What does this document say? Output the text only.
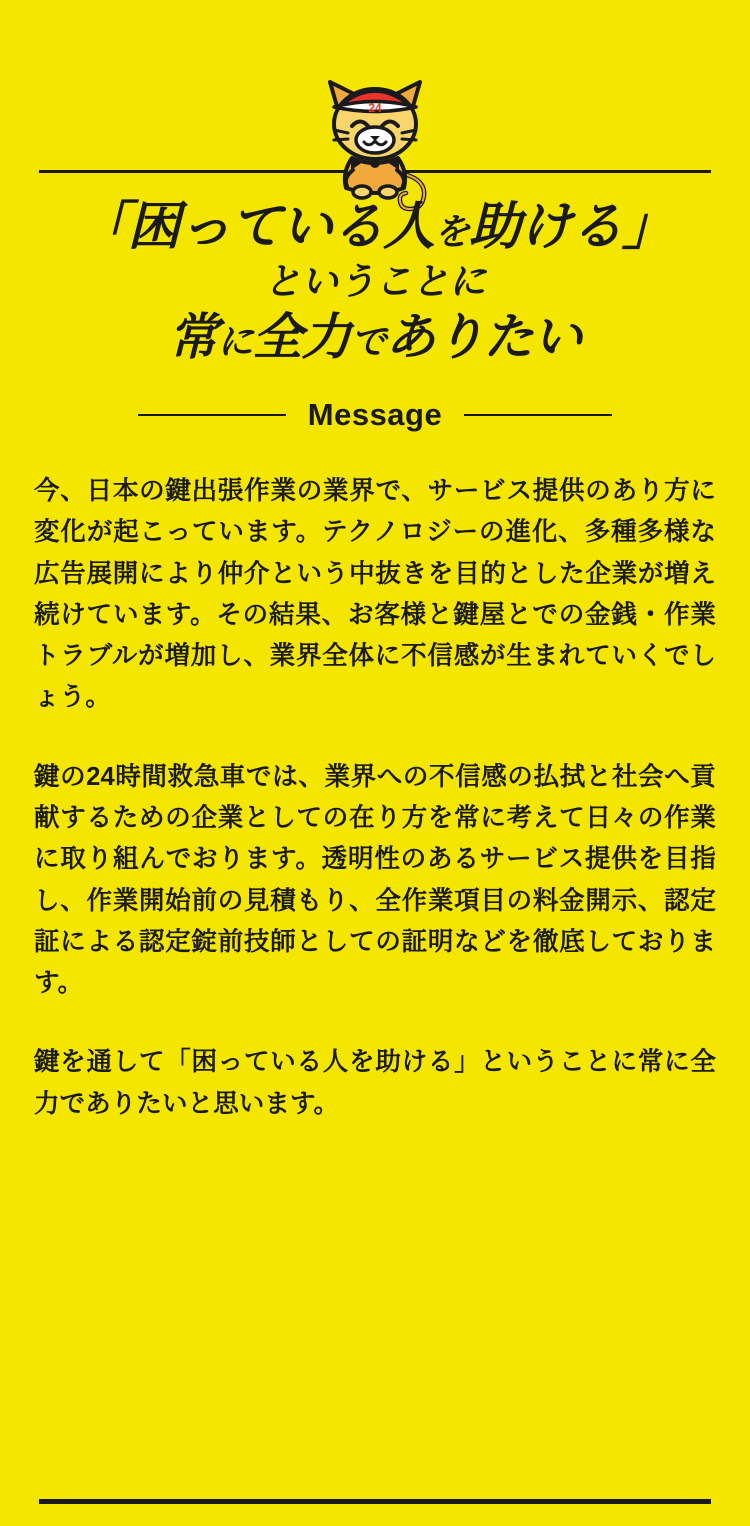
24
「困っている人を助ける」
ということに
常に全力でありたい
Message

今、日本の鍵出張作業の業界で、サービス提供のあり方に変化が起こっています。テクノロジーの進化、多種多様な広告展開により仲介という中抜きを目的とした企業が増え続けています。その結果、お客様と鍵屋とでの金銭・作業トラブルが増加し、業界全体に不信感が生まれていくでしょう。

鍵の24時間救急車では、業界への不信感の払拭と社会へ貢献するための企業としての在り方を常に考えて日々の作業に取り組んでおります。透明性のあるサービス提供を目指し、作業開始前の見積もり、全作業項目の料金開示、認定証による認定錠前技師としての証明などを徹底しております。

鍵を通して「困っている人を助ける」ということに常に全力でありたいと思います。
